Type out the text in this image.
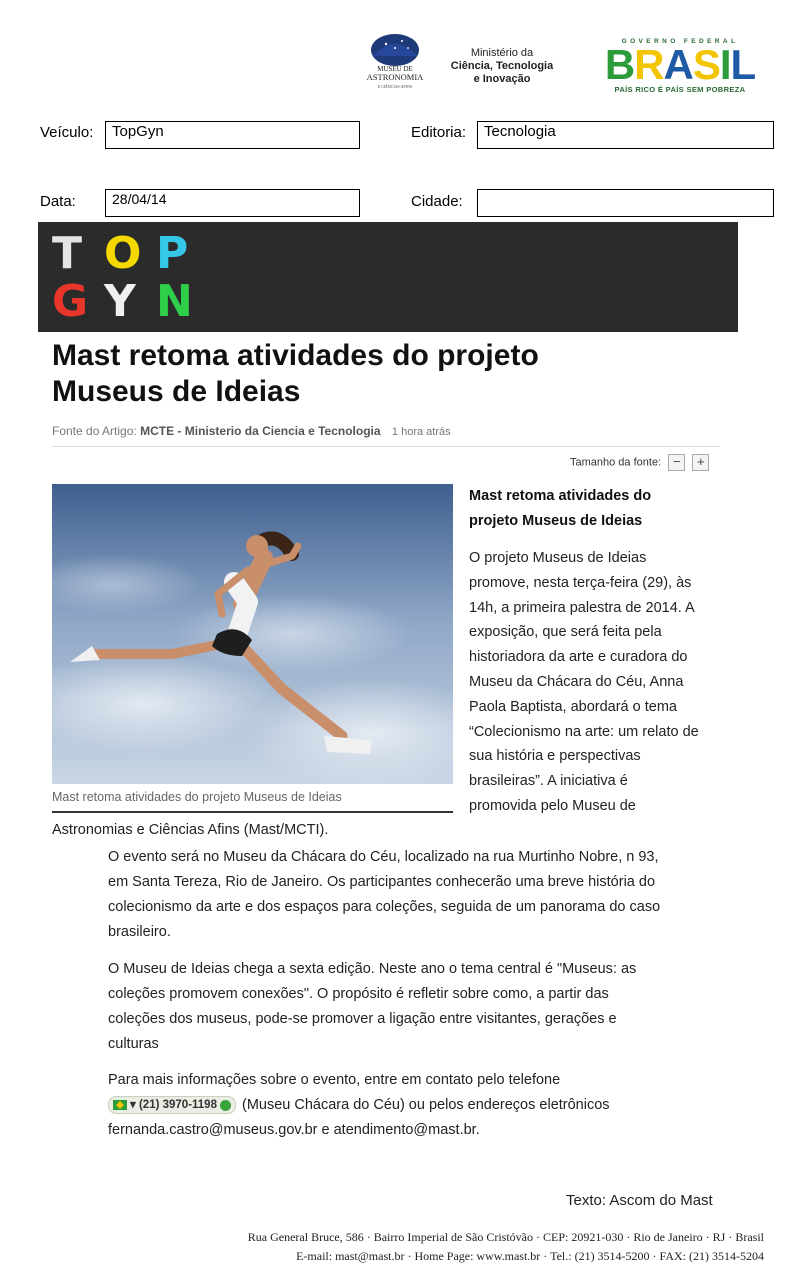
MUSEU DE
ASTRONOMIA
E CIÊNCIAS AFINS
Ministério da
Ciência, Tecnologia
e Inovação
GOVERNO FEDERAL
BRASIL
PAÍS RICO É PAÍS SEM POBREZA
Veículo:	TopGyn	Editoria:	Tecnologia
Data:	28/04/14	Cidade:
T O P
G Y N
Mast retoma atividades do projeto
Museus de Ideias
Fonte do Artigo: MCTE - Ministerio da Ciencia e Tecnologia 1 hora atrás
Tamanho da fonte: − +
Mast retoma atividades do projeto Museus de Ideias
Mast retoma atividades do
projeto Museus de Ideias
O projeto Museus de Ideias
promove, nesta terça-feira (29), às
14h, a primeira palestra de 2014. A
exposição, que será feita pela
historiadora da arte e curadora do
Museu da Chácara do Céu, Anna
Paola Baptista, abordará o tema
“Colecionismo na arte: um relato de
sua história e perspectivas
brasileiras”. A iniciativa é
promovida pelo Museu de
Astronomias e Ciências Afins (Mast/MCTI).
O evento será no Museu da Chácara do Céu, localizado na rua Murtinho Nobre, n 93,
em Santa Tereza, Rio de Janeiro. Os participantes conhecerão uma breve história do
colecionismo da arte e dos espaços para coleções, seguida de um panorama do caso
brasileiro.
O Museu de Ideias chega a sexta edição. Neste ano o tema central é "Museus: as
coleções promovem conexões". O propósito é refletir sobre como, a partir das
coleções dos museus, pode-se promover a ligação entre visitantes, gerações e
culturas
Para mais informações sobre o evento, entre em contato pelo telefone
▾ (21) 3970-1198 (Museu Chácara do Céu) ou pelos endereços eletrônicos
fernanda.castro@museus.gov.br e atendimento@mast.br.
Texto: Ascom do Mast
Rua General Bruce, 586 · Bairro Imperial de São Cristóvão · CEP: 20921-030 · Rio de Janeiro · RJ · Brasil
E-mail: mast@mast.br · Home Page: www.mast.br · Tel.: (21) 3514-5200 · FAX: (21) 3514-5204
